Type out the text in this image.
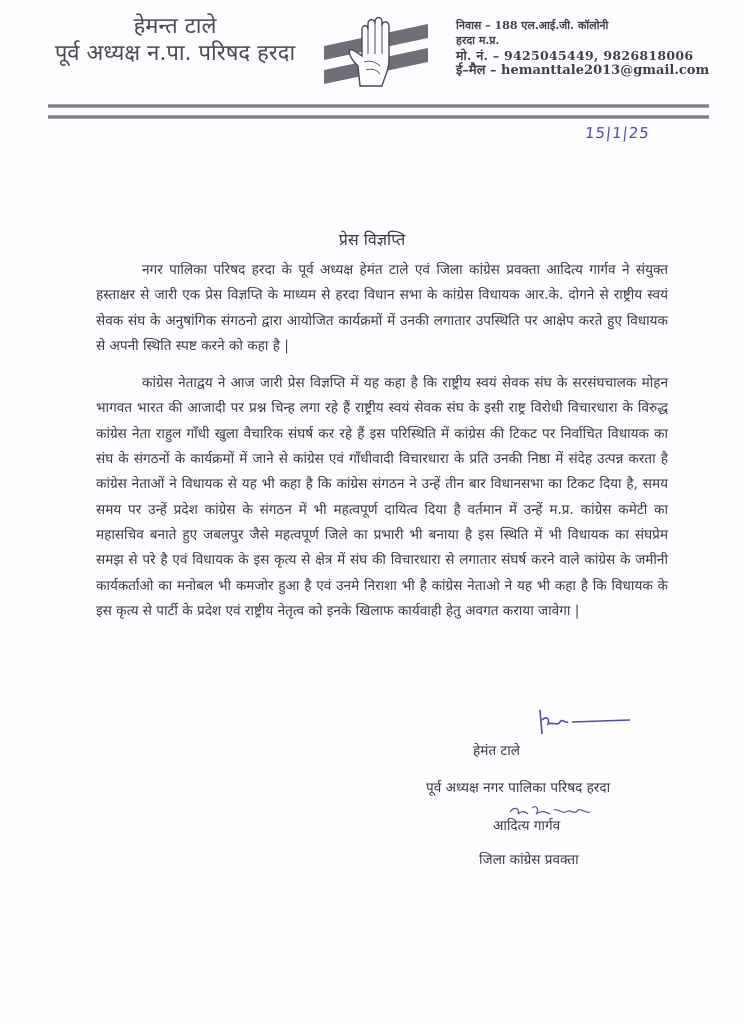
हेमन्त टाले
पूर्व अध्यक्ष न.पा. परिषद हरदा
निवास – 188 एल.आई.जी. कॉलोनी
हरदा म.प्र.
मो. नं. – 9425045449, 9826818006
ई–मैल – hemanttale2013@gmail.com
15|1|25
प्रेस विज्ञप्ति

नगर पालिका परिषद हरदा के पूर्व अध्यक्ष हेमंत टाले एवं जिला कांग्रेस प्रवक्ता आदित्य गार्गव ने संयुक्त हस्ताक्षर से जारी एक प्रेस विज्ञप्ति के माध्यम से हरदा विधान सभा के कांग्रेस विधायक आर.के. दोगने से राष्ट्रीय स्वयं सेवक संघ के अनुषांगिक संगठनो द्वारा आयोजित कार्यक्रमों में उनकी लगातार उपस्थिति पर आक्षेप करते हुए विधायक से अपनी स्थिति स्पष्ट करने को कहा है |

कांग्रेस नेताद्वय ने आज जारी प्रेस विज्ञप्ति में यह कहा है कि राष्ट्रीय स्वयं सेवक संघ के सरसंघचालक मोहन भागवत भारत की आजादी पर प्रश्न चिन्ह लगा रहे हैं राष्ट्रीय स्वयं सेवक संघ के इसी राष्ट्र विरोधी विचारधारा के विरुद्ध कांग्रेस नेता राहुल गाँधी खुला वैचारिक संघर्ष कर रहे हैं इस परिस्थिति में कांग्रेस की टिकट पर निर्वाचित विधायक का संघ के संगठनों के कार्यक्रमों में जाने से कांग्रेस एवं गाँधीवादी विचारधारा के प्रति उनकी निष्ठा में संदेह उत्पन्न करता है कांग्रेस नेताओं ने विधायक से यह भी कहा है कि कांग्रेस संगठन ने उन्हें तीन बार विधानसभा का टिकट दिया है, समय समय पर उन्हें प्रदेश कांग्रेस के संगठन में भी महत्वपूर्ण दायित्व दिया है वर्तमान में उन्हें म.प्र. कांग्रेस कमेटी का महासचिव बनाते हुए जबलपुर जैसे महत्वपूर्ण जिले का प्रभारी भी बनाया है इस स्थिति में भी विधायक का संघप्रेम समझ से परे है एवं विधायक के इस कृत्य से क्षेत्र में संघ की विचारधारा से लगातार संघर्ष करने वाले कांग्रेस के जमीनी कार्यकर्ताओ का मनोबल भी कमजोर हुआ है एवं उनमे निराशा भी है कांग्रेस नेताओ ने यह भी कहा है कि विधायक के इस कृत्य से पार्टी के प्रदेश एवं राष्ट्रीय नेतृत्व को इनके खिलाफ कार्यवाही हेतु अवगत कराया जावेगा |

हेमंत टाले
पूर्व अध्यक्ष नगर पालिका परिषद हरदा
आदित्य गार्गव
जिला कांग्रेस प्रवक्ता
